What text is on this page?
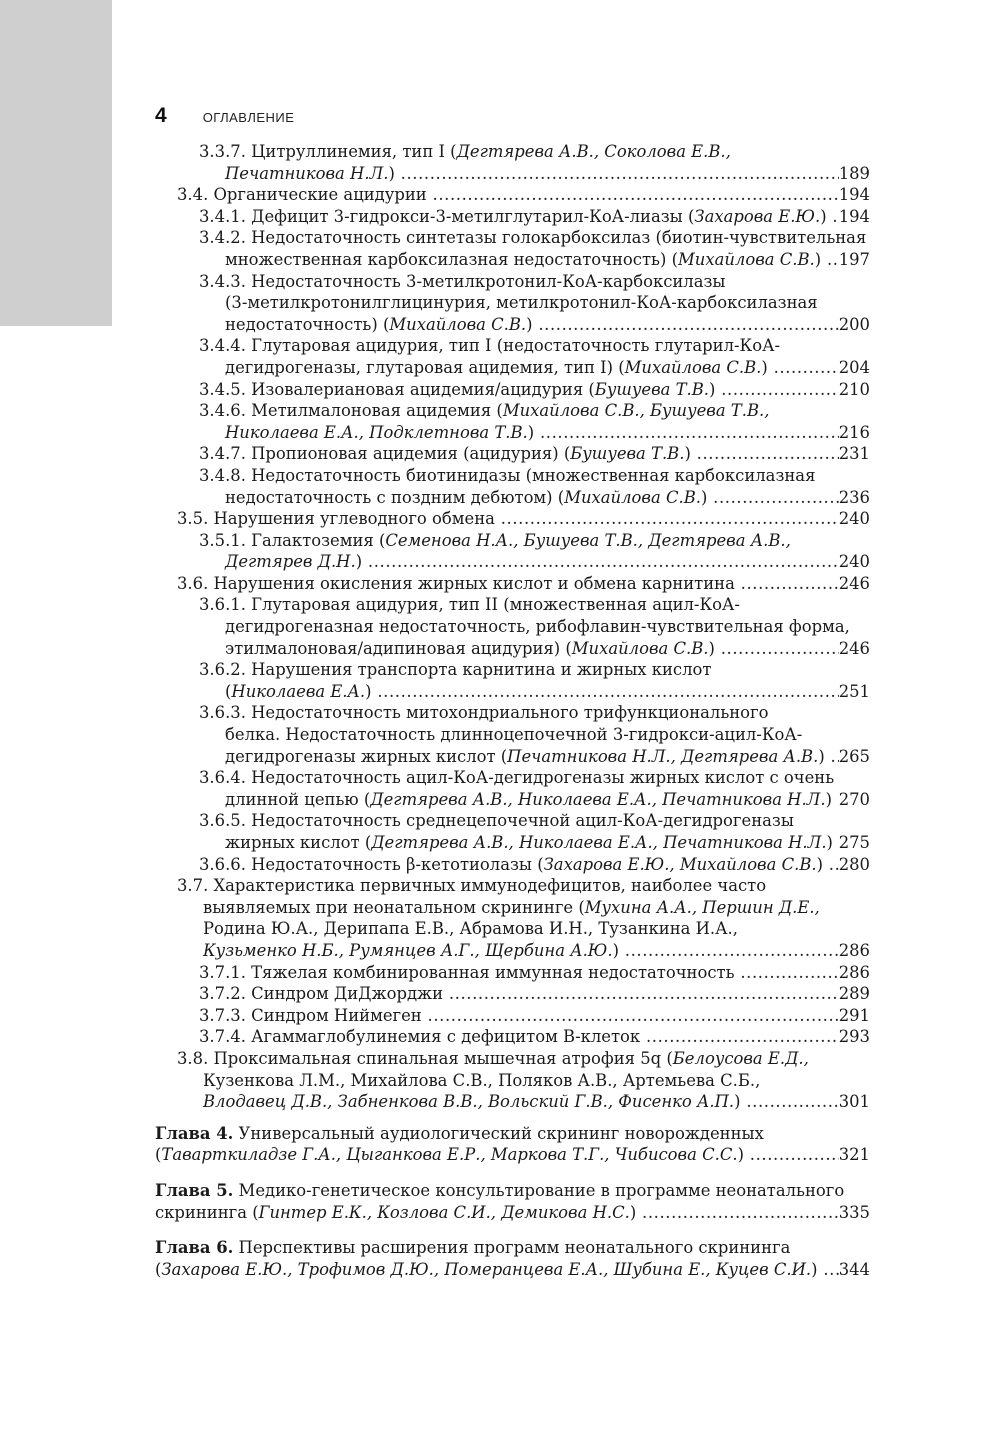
4	ОГЛАВЛЕНИЕ
3.3.7. Цитруллинемия, тип I (Дегтярева А.В., Соколова Е.В.,
Печатникова Н.Л.) .....	189
3.4. Органические ацидурии .....	194
3.4.1. Дефицит 3-гидрокси-3-метилглутарил-КоА-лиазы (Захарова Е.Ю.) ..... 194
3.4.2. Недостаточность синтетазы голокарбоксилаз (биотин-чувствительная
множественная карбоксилазная недостаточность) (Михайлова С.В.) .....	197
3.4.3. Недостаточность 3-метилкротонил-КоА-карбоксилазы
(3-метилкротонилглицинурия, метилкротонил-КоА-карбоксилазная
недостаточность) (Михайлова С.В.) .....	200
3.4.4. Глутаровая ацидурия, тип I (недостаточность глутарил-КоА-
дегидрогеназы, глутаровая ацидемия, тип I) (Михайлова С.В.) .....	204
3.4.5. Изовалериановая ацидемия/ацидурия (Бушуева Т.В.) .....	210
3.4.6. Метилмалоновая ацидемия (Михайлова С.В., Бушуева Т.В.,
Николаева Е.А., Подклетнова Т.В.) .....	216
3.4.7. Пропионовая ацидемия (ацидурия) (Бушуева Т.В.) .....	231
3.4.8. Недостаточность биотинидазы (множественная карбоксилазная
недостаточность с поздним дебютом) (Михайлова С.В.) .....	236
3.5. Нарушения углеводного обмена .....	240
3.5.1. Галактоземия (Семенова Н.А., Бушуева Т.В., Дегтярева А.В.,
Дегтярев Д.Н.) .....	240
3.6. Нарушения окисления жирных кислот и обмена карнитина .....	246
3.6.1. Глутаровая ацидурия, тип II (множественная ацил-КоА-
дегидрогеназная недостаточность, рибофлавин-чувствительная форма,
этилмалоновая/адипиновая ацидурия) (Михайлова С.В.) .....	246
3.6.2. Нарушения транспорта карнитина и жирных кислот
(Николаева Е.А.) .....	251
3.6.3. Недостаточность митохондриального трифункционального
белка. Недостаточность длинноцепочечной 3-гидрокси-ацил-КоА-
дегидрогеназы жирных кислот (Печатникова Н.Л., Дегтярева А.В.) ..... 265
3.6.4. Недостаточность ацил-КоА-дегидрогеназы жирных кислот с очень
длинной цепью (Дегтярева А.В., Николаева Е.А., Печатникова Н.Л.) ..... 270
3.6.5. Недостаточность среднецепочечной ацил-КоА-дегидрогеназы
жирных кислот (Дегтярева А.В., Николаева Е.А., Печатникова Н.Л.) ..... 275
3.6.6. Недостаточность β-кетотиолазы (Захарова Е.Ю., Михайлова С.В.) ..... 280
3.7. Характеристика первичных иммунодефицитов, наиболее часто
выявляемых при неонатальном скрининге (Мухина А.А., Першин Д.Е.,
Родина Ю.А., Дерипапа Е.В., Абрамова И.Н., Тузанкина И.А.,
Кузьменко Н.Б., Румянцев А.Г., Щербина А.Ю.) .....	286
3.7.1. Тяжелая комбинированная иммунная недостаточность .....	286
3.7.2. Синдром ДиДжорджи .....	289
3.7.3. Синдром Ниймеген .....	291
3.7.4. Агаммаглобулинемия с дефицитом В-клеток .....	293
3.8. Проксимальная спинальная мышечная атрофия 5q (Белоусова Е.Д.,
Кузенкова Л.М., Михайлова С.В., Поляков А.В., Артемьева С.Б.,
Влодавец Д.В., Забненкова В.В., Вольский Г.В., Фисенко А.П.) .....	301
Глава 4. Универсальный аудиологический скрининг новорожденных
(Таварткиладзе Г.А., Цыганкова Е.Р., Маркова Т.Г., Чибисова С.С.) .....	321
Глава 5. Медико-генетическое консультирование в программе неонатального
скрининга (Гинтер Е.К., Козлова С.И., Демикова Н.С.) .....	335
Глава 6. Перспективы расширения программ неонатального скрининга
(Захарова Е.Ю., Трофимов Д.Ю., Померанцева Е.А., Шубина Е., Куцев С.И.) .....	344
